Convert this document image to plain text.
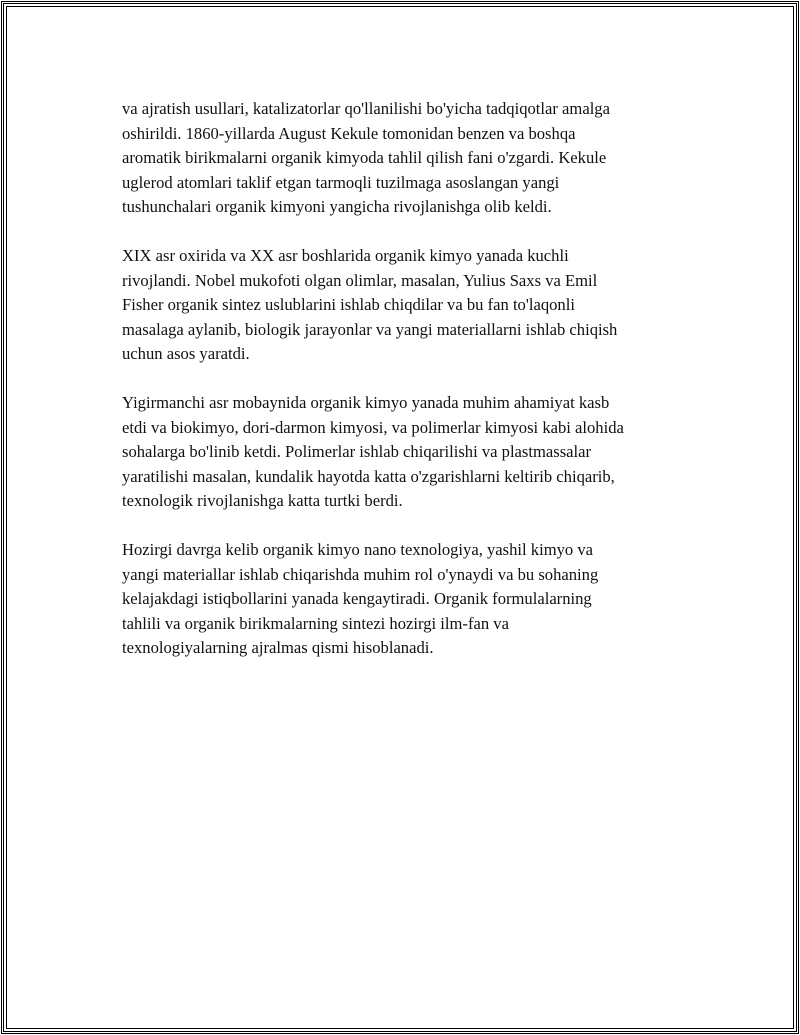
va ajratish usullari, katalizatorlar qo'llanilishi bo'yicha tadqiqotlar amalga
oshirildi. 1860-yillarda August Kekule tomonidan benzen va boshqa
aromatik birikmalarni organik kimyoda tahlil qilish fani o'zgardi. Kekule
uglerod atomlari taklif etgan tarmoqli tuzilmaga asoslangan yangi
tushunchalari organik kimyoni yangicha rivojlanishga olib keldi.

XIX asr oxirida va XX asr boshlarida organik kimyo yanada kuchli
rivojlandi. Nobel mukofoti olgan olimlar, masalan, Yulius Saxs va Emil
Fisher organik sintez uslublarini ishlab chiqdilar va bu fan to'laqonli
masalaga aylanib, biologik jarayonlar va yangi materiallarni ishlab chiqish
uchun asos yaratdi.

Yigirmanchi asr mobaynida organik kimyo yanada muhim ahamiyat kasb
etdi va biokimyo, dori-darmon kimyosi, va polimerlar kimyosi kabi alohida
sohalarga bo'linib ketdi. Polimerlar ishlab chiqarilishi va plastmassalar
yaratilishi masalan, kundalik hayotda katta o'zgarishlarni keltirib chiqarib,
texnologik rivojlanishga katta turtki berdi.

Hozirgi davrga kelib organik kimyo nano texnologiya, yashil kimyo va
yangi materiallar ishlab chiqarishda muhim rol o'ynaydi va bu sohaning
kelajakdagi istiqbollarini yanada kengaytiradi. Organik formulalarning
tahlili va organik birikmalarning sintezi hozirgi ilm-fan va
texnologiyalarning ajralmas qismi hisoblanadi.
